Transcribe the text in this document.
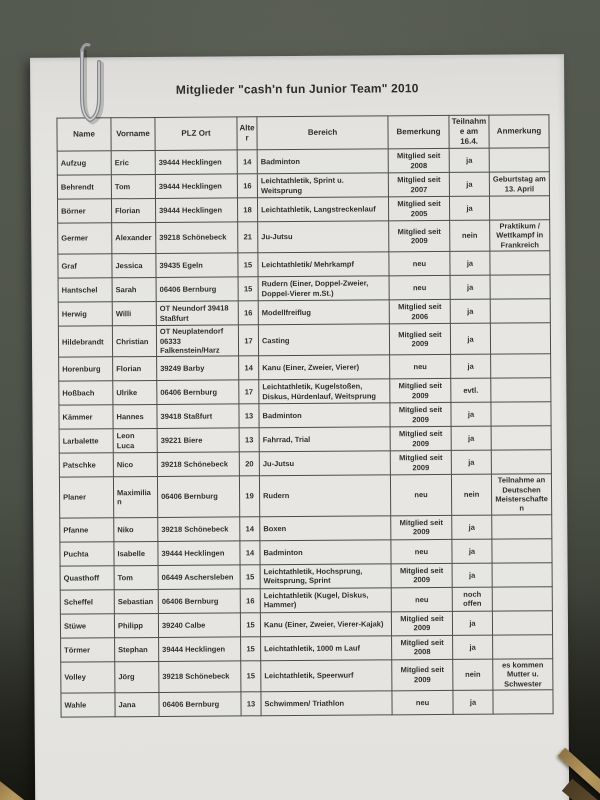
Mitglieder "cash'n fun Junior Team" 2010
Name	Vorname	PLZ Ort	Alter	Bereich	Bemerkung	Teilnahme am 16.4.	Anmerkung
Aufzug	Eric	39444 Hecklingen	14	Badminton	Mitglied seit 2008	ja	
Behrendt	Tom	39444 Hecklingen	16	Leichtathletik, Sprint u. Weitsprung	Mitglied seit 2007	ja	Geburtstag am 13. April
Börner	Florian	39444 Hecklingen	18	Leichtathletik, Langstreckenlauf	Mitglied seit 2005	ja	
Germer	Alexander	39218 Schönebeck	21	Ju-Jutsu	Mitglied seit 2009	nein	Praktikum / Wettkampf in Frankreich
Graf	Jessica	39435 Egeln	15	Leichtathletik/ Mehrkampf	neu	ja	
Hantschel	Sarah	06406 Bernburg	15	Rudern (Einer, Doppel-Zweier, Doppel-Vierer m.St.)	neu	ja	
Herwig	Willi	OT Neundorf 39418 Staßfurt	16	Modellfreiflug	Mitglied seit 2006	ja	
Hildebrandt	Christian	OT Neuplatendorf 06333 Falkenstein/Harz	17	Casting	Mitglied seit 2009	ja	
Horenburg	Florian	39249 Barby	14	Kanu (Einer, Zweier, Vierer)	neu	ja	
Hoßbach	Ulrike	06406 Bernburg	17	Leichtathletik, Kugelstoßen, Diskus, Hürdenlauf, Weitsprung	Mitglied seit 2009	evtl.	
Kämmer	Hannes	39418 Staßfurt	13	Badminton	Mitglied seit 2009	ja	
Larbalette	Leon Luca	39221 Biere	13	Fahrrad, Trial	Mitglied seit 2009	ja	
Patschke	Nico	39218 Schönebeck	20	Ju-Jutsu	Mitglied seit 2009	ja	
Planer	Maximilian	06406 Bernburg	19	Rudern	neu	nein	Teilnahme an Deutschen Meisterschaften
Pfanne	Niko	39218 Schönebeck	14	Boxen	Mitglied seit 2009	ja	
Puchta	Isabelle	39444 Hecklingen	14	Badminton	neu	ja	
Quasthoff	Tom	06449 Aschersleben	15	Leichtathletik, Hochsprung, Weitsprung, Sprint	Mitglied seit 2009	ja	
Scheffel	Sebastian	06406 Bernburg	16	Leichtathletik (Kugel, Diskus, Hammer)	neu	noch offen	
Stüwe	Philipp	39240 Calbe	15	Kanu (Einer, Zweier, Vierer-Kajak)	Mitglied seit 2009	ja	
Törmer	Stephan	39444 Hecklingen	15	Leichtathletik, 1000 m Lauf	Mitglied seit 2008	ja	
Volley	Jörg	39218 Schönebeck	15	Leichtathletik, Speerwurf	Mitglied seit 2009	nein	es kommen Mutter u. Schwester
Wahle	Jana	06406 Bernburg	13	Schwimmen/ Triathlon	neu	ja	
